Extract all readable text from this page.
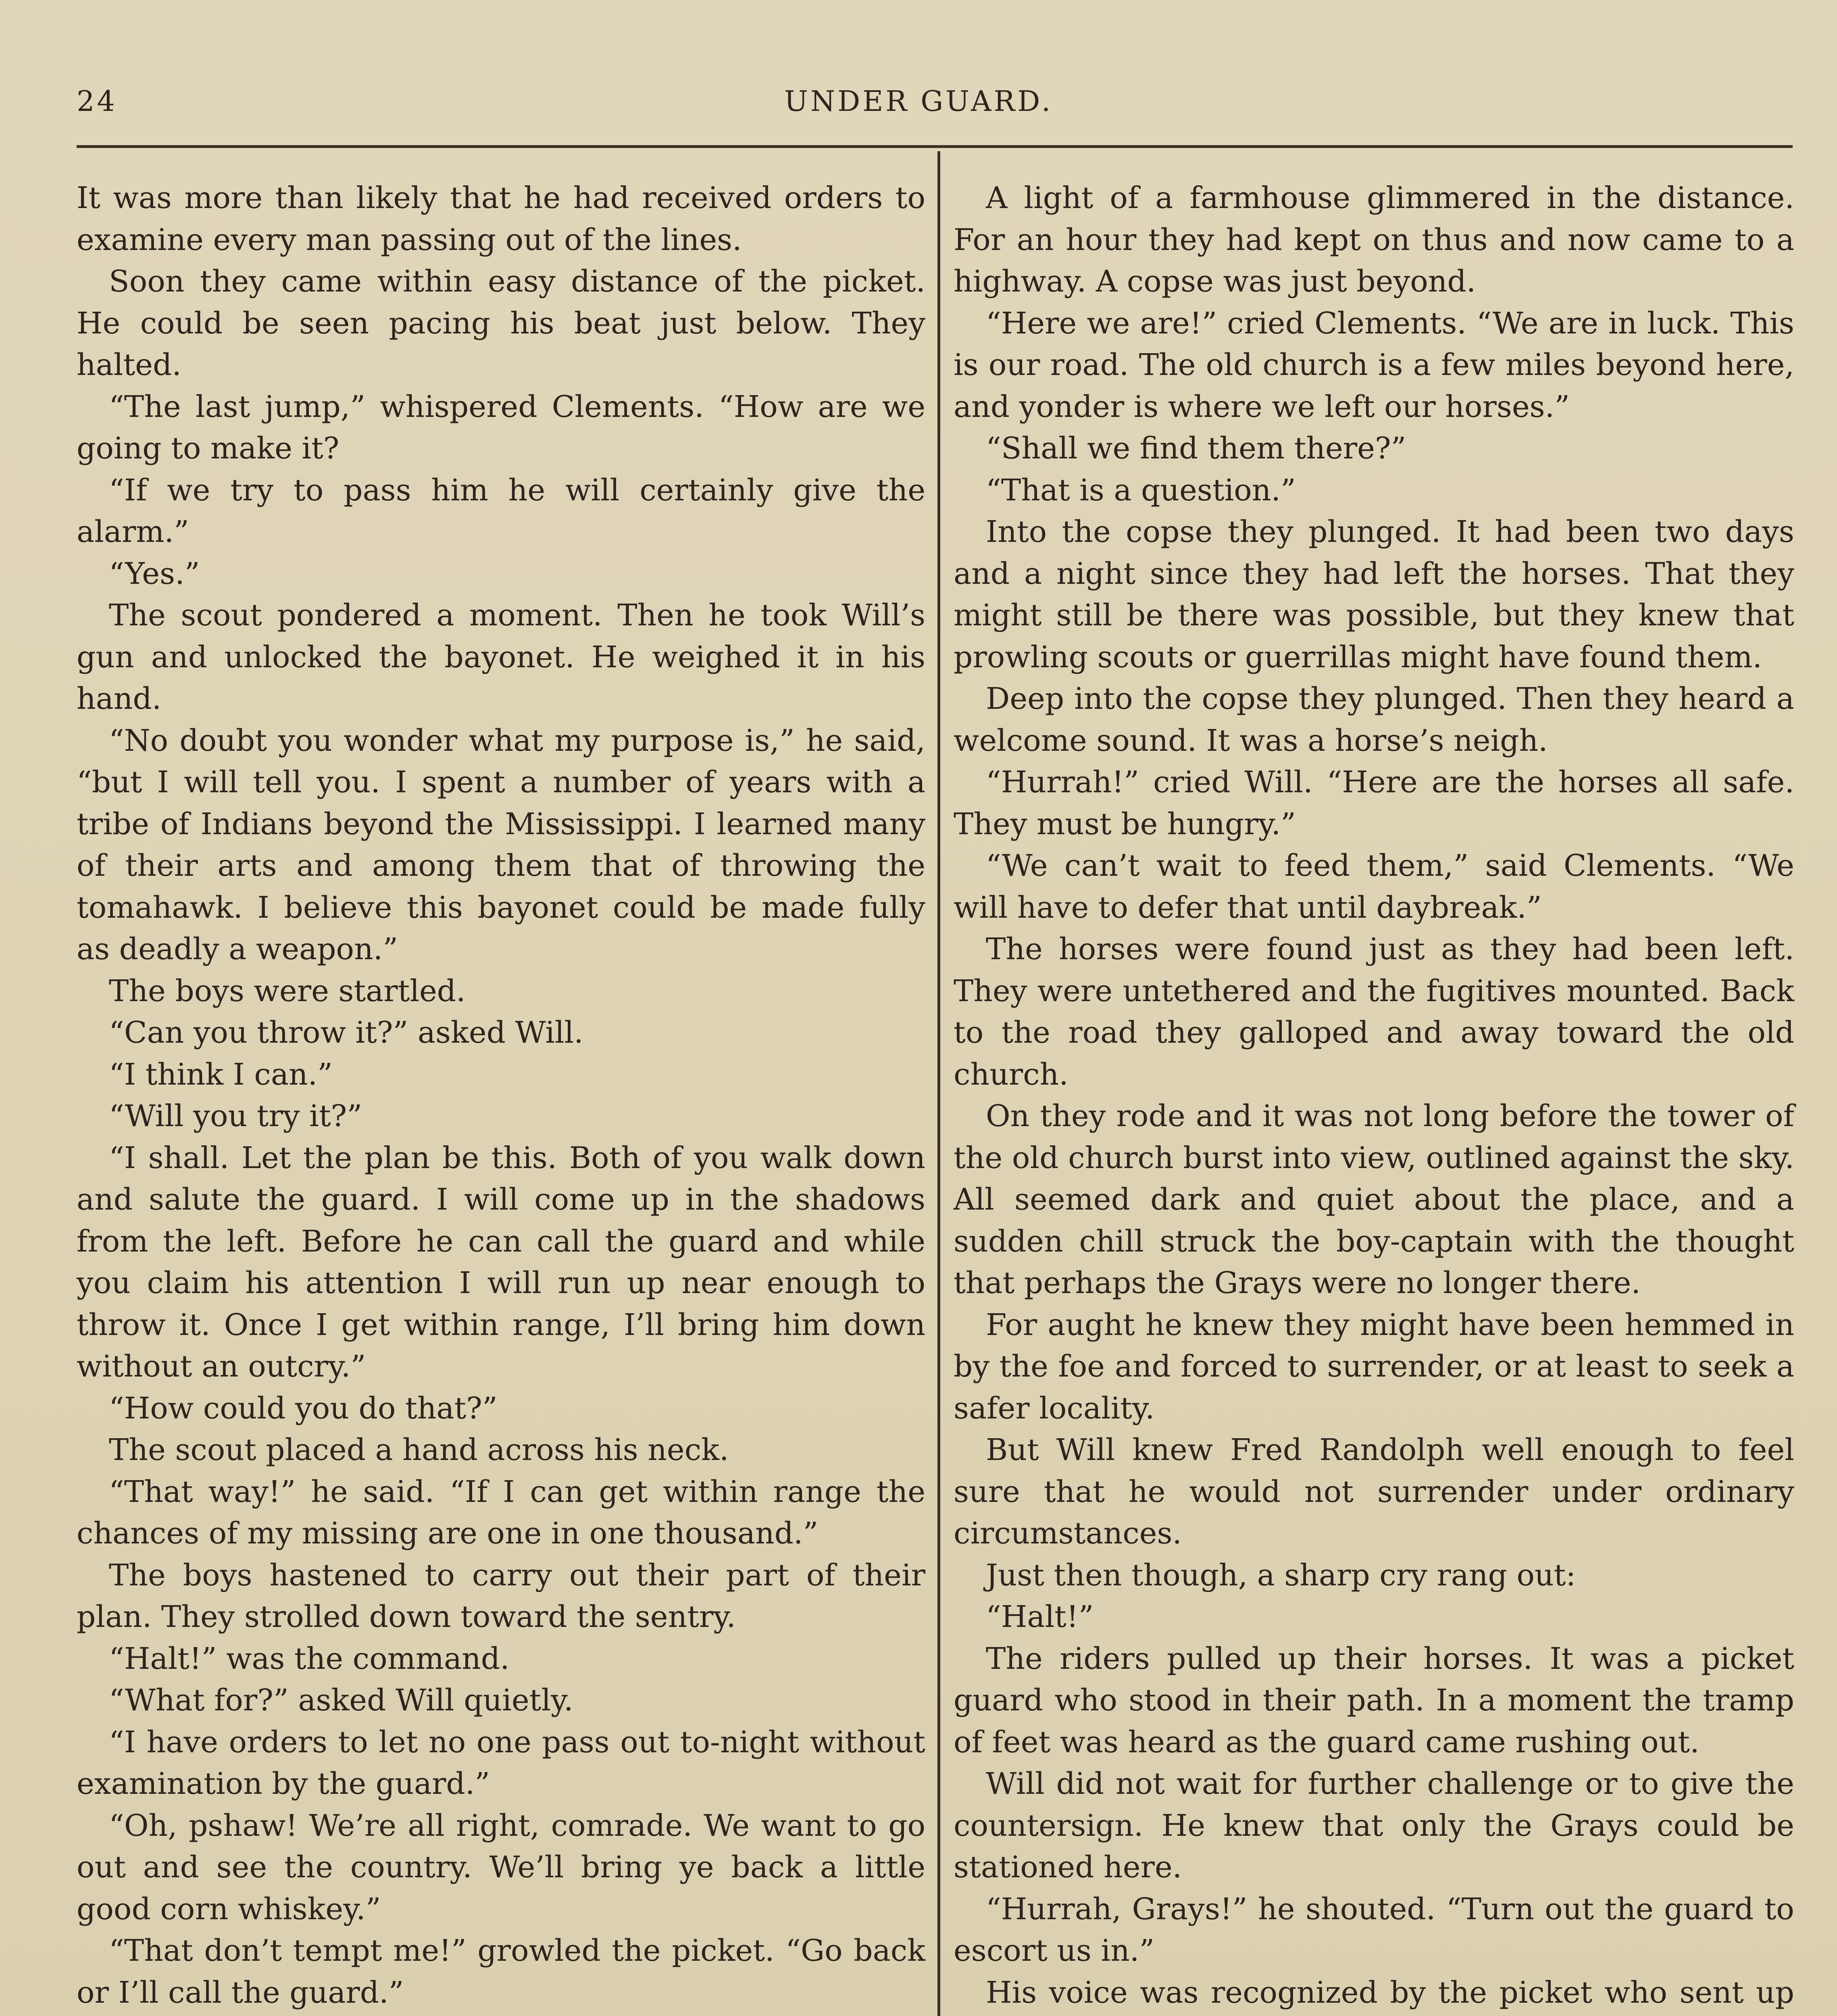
24	UNDER GUARD.

It was more than likely that he had received orders to examine every man passing out of the lines.

Soon they came within easy distance of the picket. He could be seen pacing his beat just below. They halted.

“The last jump,” whispered Clements. “How are we going to make it?

“If we try to pass him he will certainly give the alarm.”

“Yes.”

The scout pondered a moment. Then he took Will’s gun and unlocked the bayonet. He weighed it in his hand.

“No doubt you wonder what my purpose is,” he said, “but I will tell you. I spent a number of years with a tribe of Indians beyond the Mississippi. I learned many of their arts and among them that of throwing the tomahawk. I believe this bayonet could be made fully as deadly a weapon.”

The boys were startled.

“Can you throw it?” asked Will.

“I think I can.”

“Will you try it?”

“I shall. Let the plan be this. Both of you walk down and salute the guard. I will come up in the shadows from the left. Before he can call the guard and while you claim his attention I will run up near enough to throw it. Once I get within range, I’ll bring him down without an outcry.”

“How could you do that?”

The scout placed a hand across his neck.

“That way!” he said. “If I can get within range the chances of my missing are one in one thousand.”

The boys hastened to carry out their part of their plan. They strolled down toward the sentry.

“Halt!” was the command.

“What for?” asked Will quietly.

“I have orders to let no one pass out to-night without examination by the guard.”

“Oh, pshaw! We’re all right, comrade. We want to go out and see the country. We’ll bring ye back a little good corn whiskey.”

“That don’t tempt me!” growled the picket. “Go back or I’ll call the guard.”

A light of a farmhouse glimmered in the distance. For an hour they had kept on thus and now came to a highway. A copse was just beyond.

“Here we are!” cried Clements. “We are in luck. This is our road. The old church is a few miles beyond here, and yonder is where we left our horses.”

“Shall we find them there?”

“That is a question.”

Into the copse they plunged. It had been two days and a night since they had left the horses. That they might still be there was possible, but they knew that prowling scouts or guerrillas might have found them.

Deep into the copse they plunged. Then they heard a welcome sound. It was a horse’s neigh.

“Hurrah!” cried Will. “Here are the horses all safe. They must be hungry.”

“We can’t wait to feed them,” said Clements. “We will have to defer that until daybreak.”

The horses were found just as they had been left. They were untethered and the fugitives mounted. Back to the road they galloped and away toward the old church.

On they rode and it was not long before the tower of the old church burst into view, outlined against the sky. All seemed dark and quiet about the place, and a sudden chill struck the boy-captain with the thought that perhaps the Grays were no longer there.

For aught he knew they might have been hemmed in by the foe and forced to surrender, or at least to seek a safer locality.

But Will knew Fred Randolph well enough to feel sure that he would not surrender under ordinary circumstances.

Just then though, a sharp cry rang out:

“Halt!”

The riders pulled up their horses. It was a picket guard who stood in their path. In a moment the tramp of feet was heard as the guard came rushing out.

Will did not wait for further challenge or to give the countersign. He knew that only the Grays could be stationed here.

“Hurrah, Grays!” he shouted. “Turn out the guard to escort us in.”

His voice was recognized by the picket who sent up
